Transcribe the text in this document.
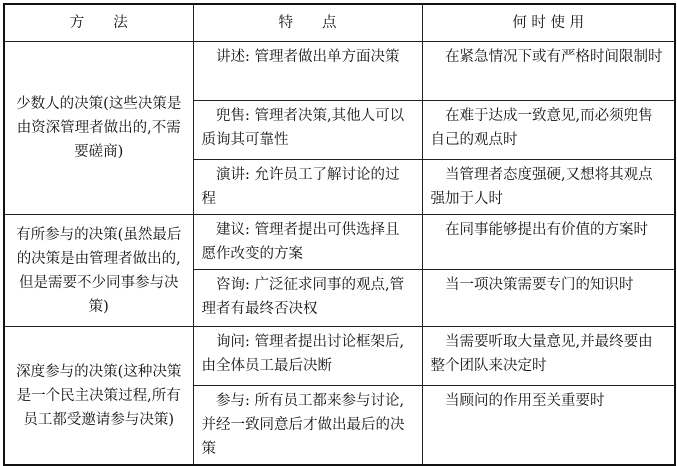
方　　法	特　　点	何 时 使 用
少数人的决策(这些决策是由资深管理者做出的,不需要磋商)	讲述: 管理者做出单方面决策	在紧急情况下或有严格时间限制时
	兜售: 管理者决策,其他人可以质询其可靠性	在难于达成一致意见,而必须兜售自己的观点时
	演讲: 允许员工了解讨论的过程	当管理者态度强硬,又想将其观点强加于人时
有所参与的决策(虽然最后的决策是由管理者做出的,但是需要不少同事参与决策)	建议: 管理者提出可供选择且愿作改变的方案	在同事能够提出有价值的方案时
	咨询: 广泛征求同事的观点,管理者有最终否决权	当一项决策需要专门的知识时
深度参与的决策(这种决策是一个民主决策过程,所有员工都受邀请参与决策)	询问: 管理者提出讨论框架后,由全体员工最后决断	当需要听取大量意见,并最终要由整个团队来决定时
	参与: 所有员工都来参与讨论,并经一致同意后才做出最后的决策	当顾问的作用至关重要时
